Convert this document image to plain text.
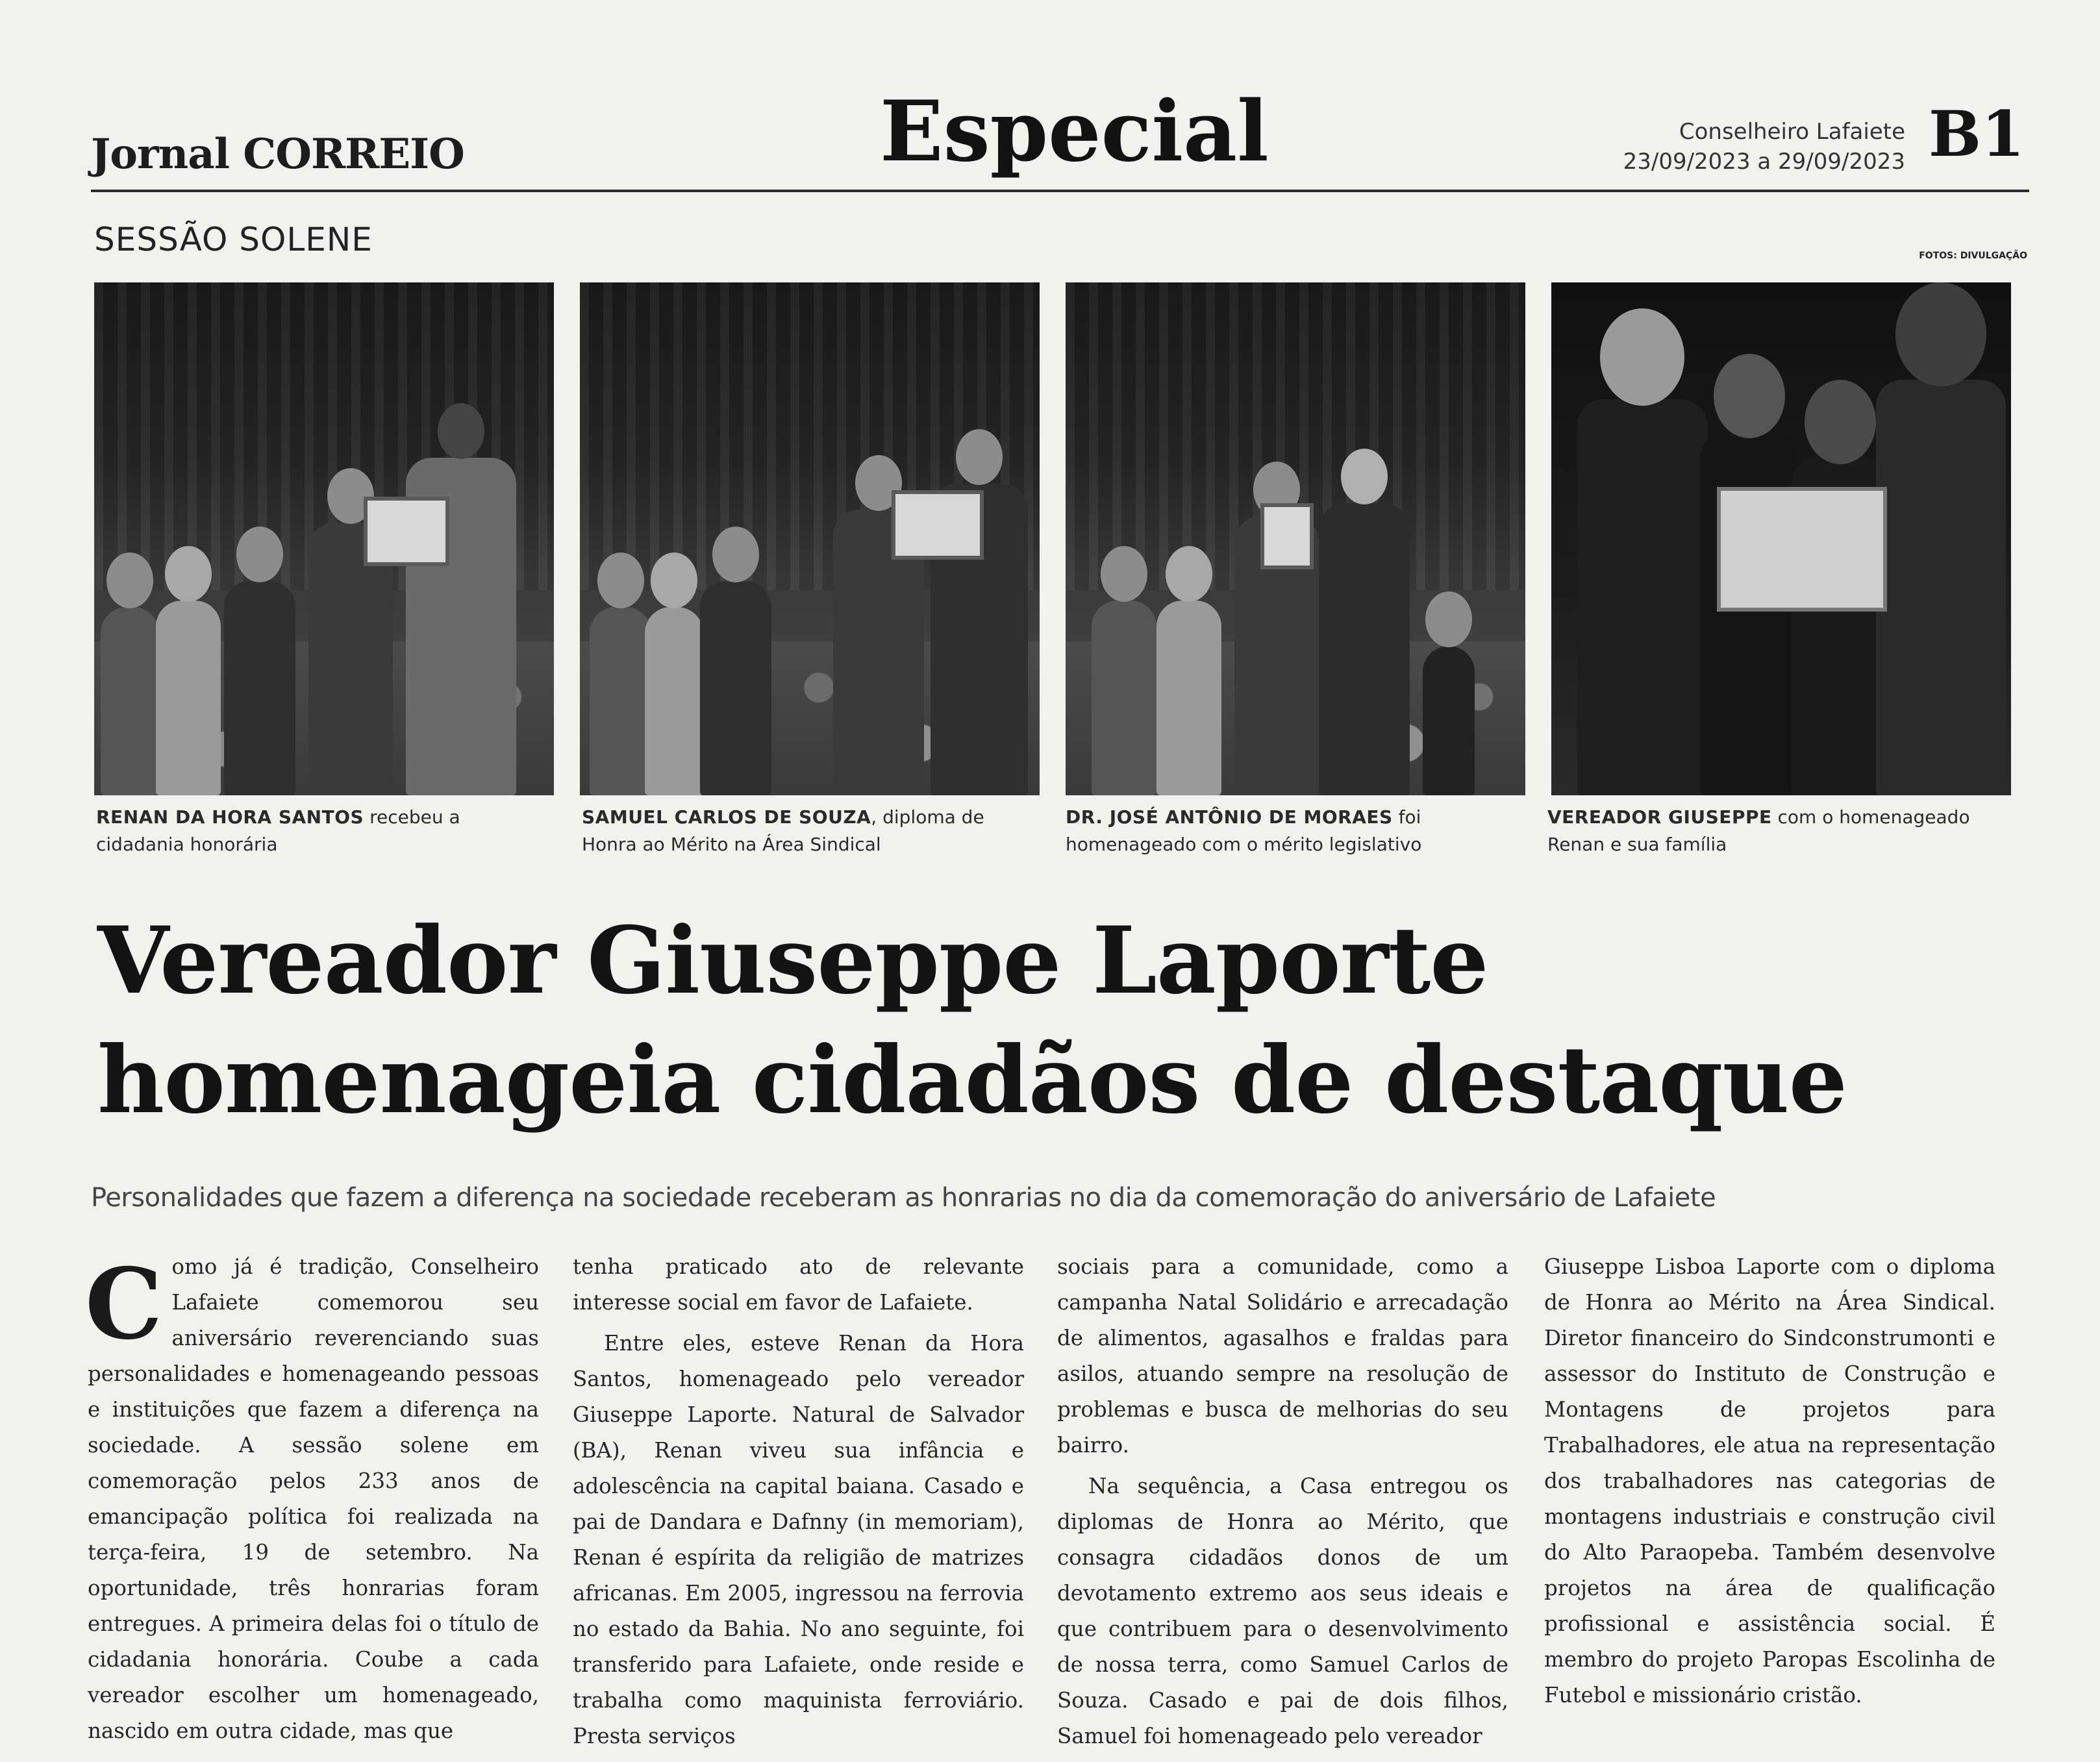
Jornal CORREIO	Especial	Conselheiro Lafaiete
23/09/2023 a 29/09/2023 B1
SESSÃO SOLENE	FOTOS: DIVULGAÇÃO
RENAN DA HORA SANTOS recebeu a cidadania honorária
SAMUEL CARLOS DE SOUZA, diploma de Honra ao Mérito na Área Sindical
DR. JOSÉ ANTÔNIO DE MORAES foi homenageado com o mérito legislativo
VEREADOR GIUSEPPE com o homenageado Renan e sua família
Vereador Giuseppe Laporte
homenageia cidadãos de destaque
Personalidades que fazem a diferença na sociedade receberam as honrarias no dia da comemoração do aniversário de Lafaiete

Como já é tradição, Conselheiro Lafaiete comemorou seu aniversário reverenciando suas personalidades e homenageando pessoas e instituições que fazem a diferença na sociedade. A sessão solene em comemoração pelos 233 anos de emancipação política foi realizada na terça-feira, 19 de setembro. Na oportunidade, três honrarias foram entregues. A primeira delas foi o título de cidadania honorária. Coube a cada vereador escolher um homenageado, nascido em outra cidade, mas que

tenha praticado ato de relevante interesse social em favor de Lafaiete.

Entre eles, esteve Renan da Hora Santos, homenageado pelo vereador Giuseppe Laporte. Natural de Salvador (BA), Renan viveu sua infância e adolescência na capital baiana. Casado e pai de Dandara e Dafnny (in memoriam), Renan é espírita da religião de matrizes africanas. Em 2005, ingressou na ferrovia no estado da Bahia. No ano seguinte, foi transferido para Lafaiete, onde reside e trabalha como maquinista ferroviário. Presta serviços

sociais para a comunidade, como a campanha Natal Solidário e arrecadação de alimentos, agasalhos e fraldas para asilos, atuando sempre na resolução de problemas e busca de melhorias do seu bairro.

Na sequência, a Casa entregou os diplomas de Honra ao Mérito, que consagra cidadãos donos de um devotamento extremo aos seus ideais e que contribuem para o desenvolvimento de nossa terra, como Samuel Carlos de Souza. Casado e pai de dois filhos, Samuel foi homenageado pelo vereador

Giuseppe Lisboa Laporte com o diploma de Honra ao Mérito na Área Sindical. Diretor financeiro do Sindconstrumonti e assessor do Instituto de Construção e Montagens de projetos para Trabalhadores, ele atua na representação dos trabalhadores nas categorias de montagens industriais e construção civil do Alto Paraopeba. Também desenvolve projetos na área de qualificação profissional e assistência social. É membro do projeto Paropas Escolinha de Futebol e missionário cristão.
